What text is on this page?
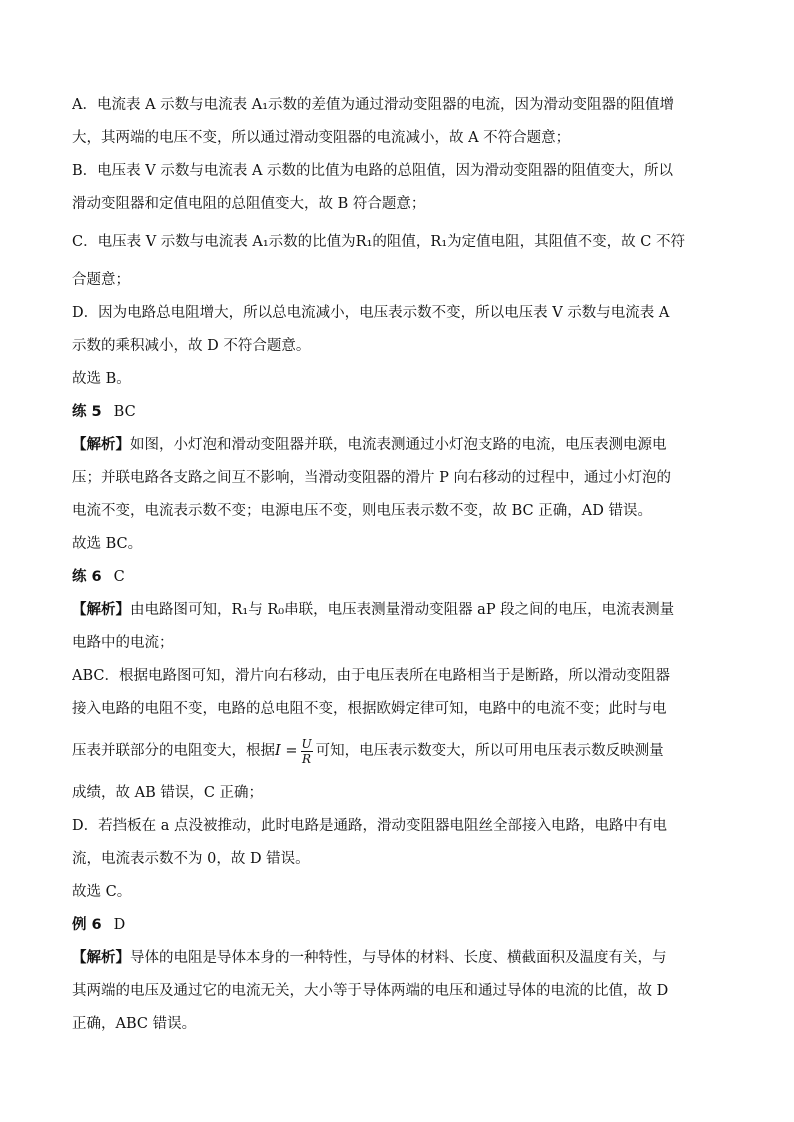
A．电流表 A 示数与电流表 A₁示数的差值为通过滑动变阻器的电流，因为滑动变阻器的阻值增
大，其两端的电压不变，所以通过滑动变阻器的电流减小，故 A 不符合题意；
B．电压表 V 示数与电流表 A 示数的比值为电路的总阻值，因为滑动变阻器的阻值变大，所以
滑动变阻器和定值电阻的总阻值变大，故 B 符合题意；
C．电压表 V 示数与电流表 A₁示数的比值为R₁的阻值，R₁为定值电阻，其阻值不变，故 C 不符
合题意；
D．因为电路总电阻增大，所以总电流减小，电压表示数不变，所以电压表 V 示数与电流表 A
示数的乘积减小，故 D 不符合题意。
故选 B。
练 5 BC
【解析】如图，小灯泡和滑动变阻器并联，电流表测通过小灯泡支路的电流，电压表测电源电
压；并联电路各支路之间互不影响，当滑动变阻器的滑片 P 向右移动的过程中，通过小灯泡的
电流不变，电流表示数不变；电源电压不变，则电压表示数不变，故 BC 正确，AD 错误。
故选 BC。
练 6 C
【解析】由电路图可知，R₁与 R₀串联，电压表测量滑动变阻器 aP 段之间的电压，电流表测量
电路中的电流；
ABC．根据电路图可知，滑片向右移动，由于电压表所在电路相当于是断路，所以滑动变阻器
接入电路的电阻不变，电路的总电阻不变，根据欧姆定律可知，电路中的电流不变；此时与电
压表并联部分的电阻变大，根据$I = \frac{U}{R}$ 可知，电压表示数变大，所以可用电压表示数反映测量
成绩，故 AB 错误，C 正确；
D．若挡板在 a 点没被推动，此时电路是通路，滑动变阻器电阻丝全部接入电路，电路中有电
流，电流表示数不为 0，故 D 错误。
故选 C。
例 6 D
【解析】导体的电阻是导体本身的一种特性，与导体的材料、长度、横截面积及温度有关，与
其两端的电压及通过它的电流无关，大小等于导体两端的电压和通过导体的电流的比值，故 D
正确，ABC 错误。
